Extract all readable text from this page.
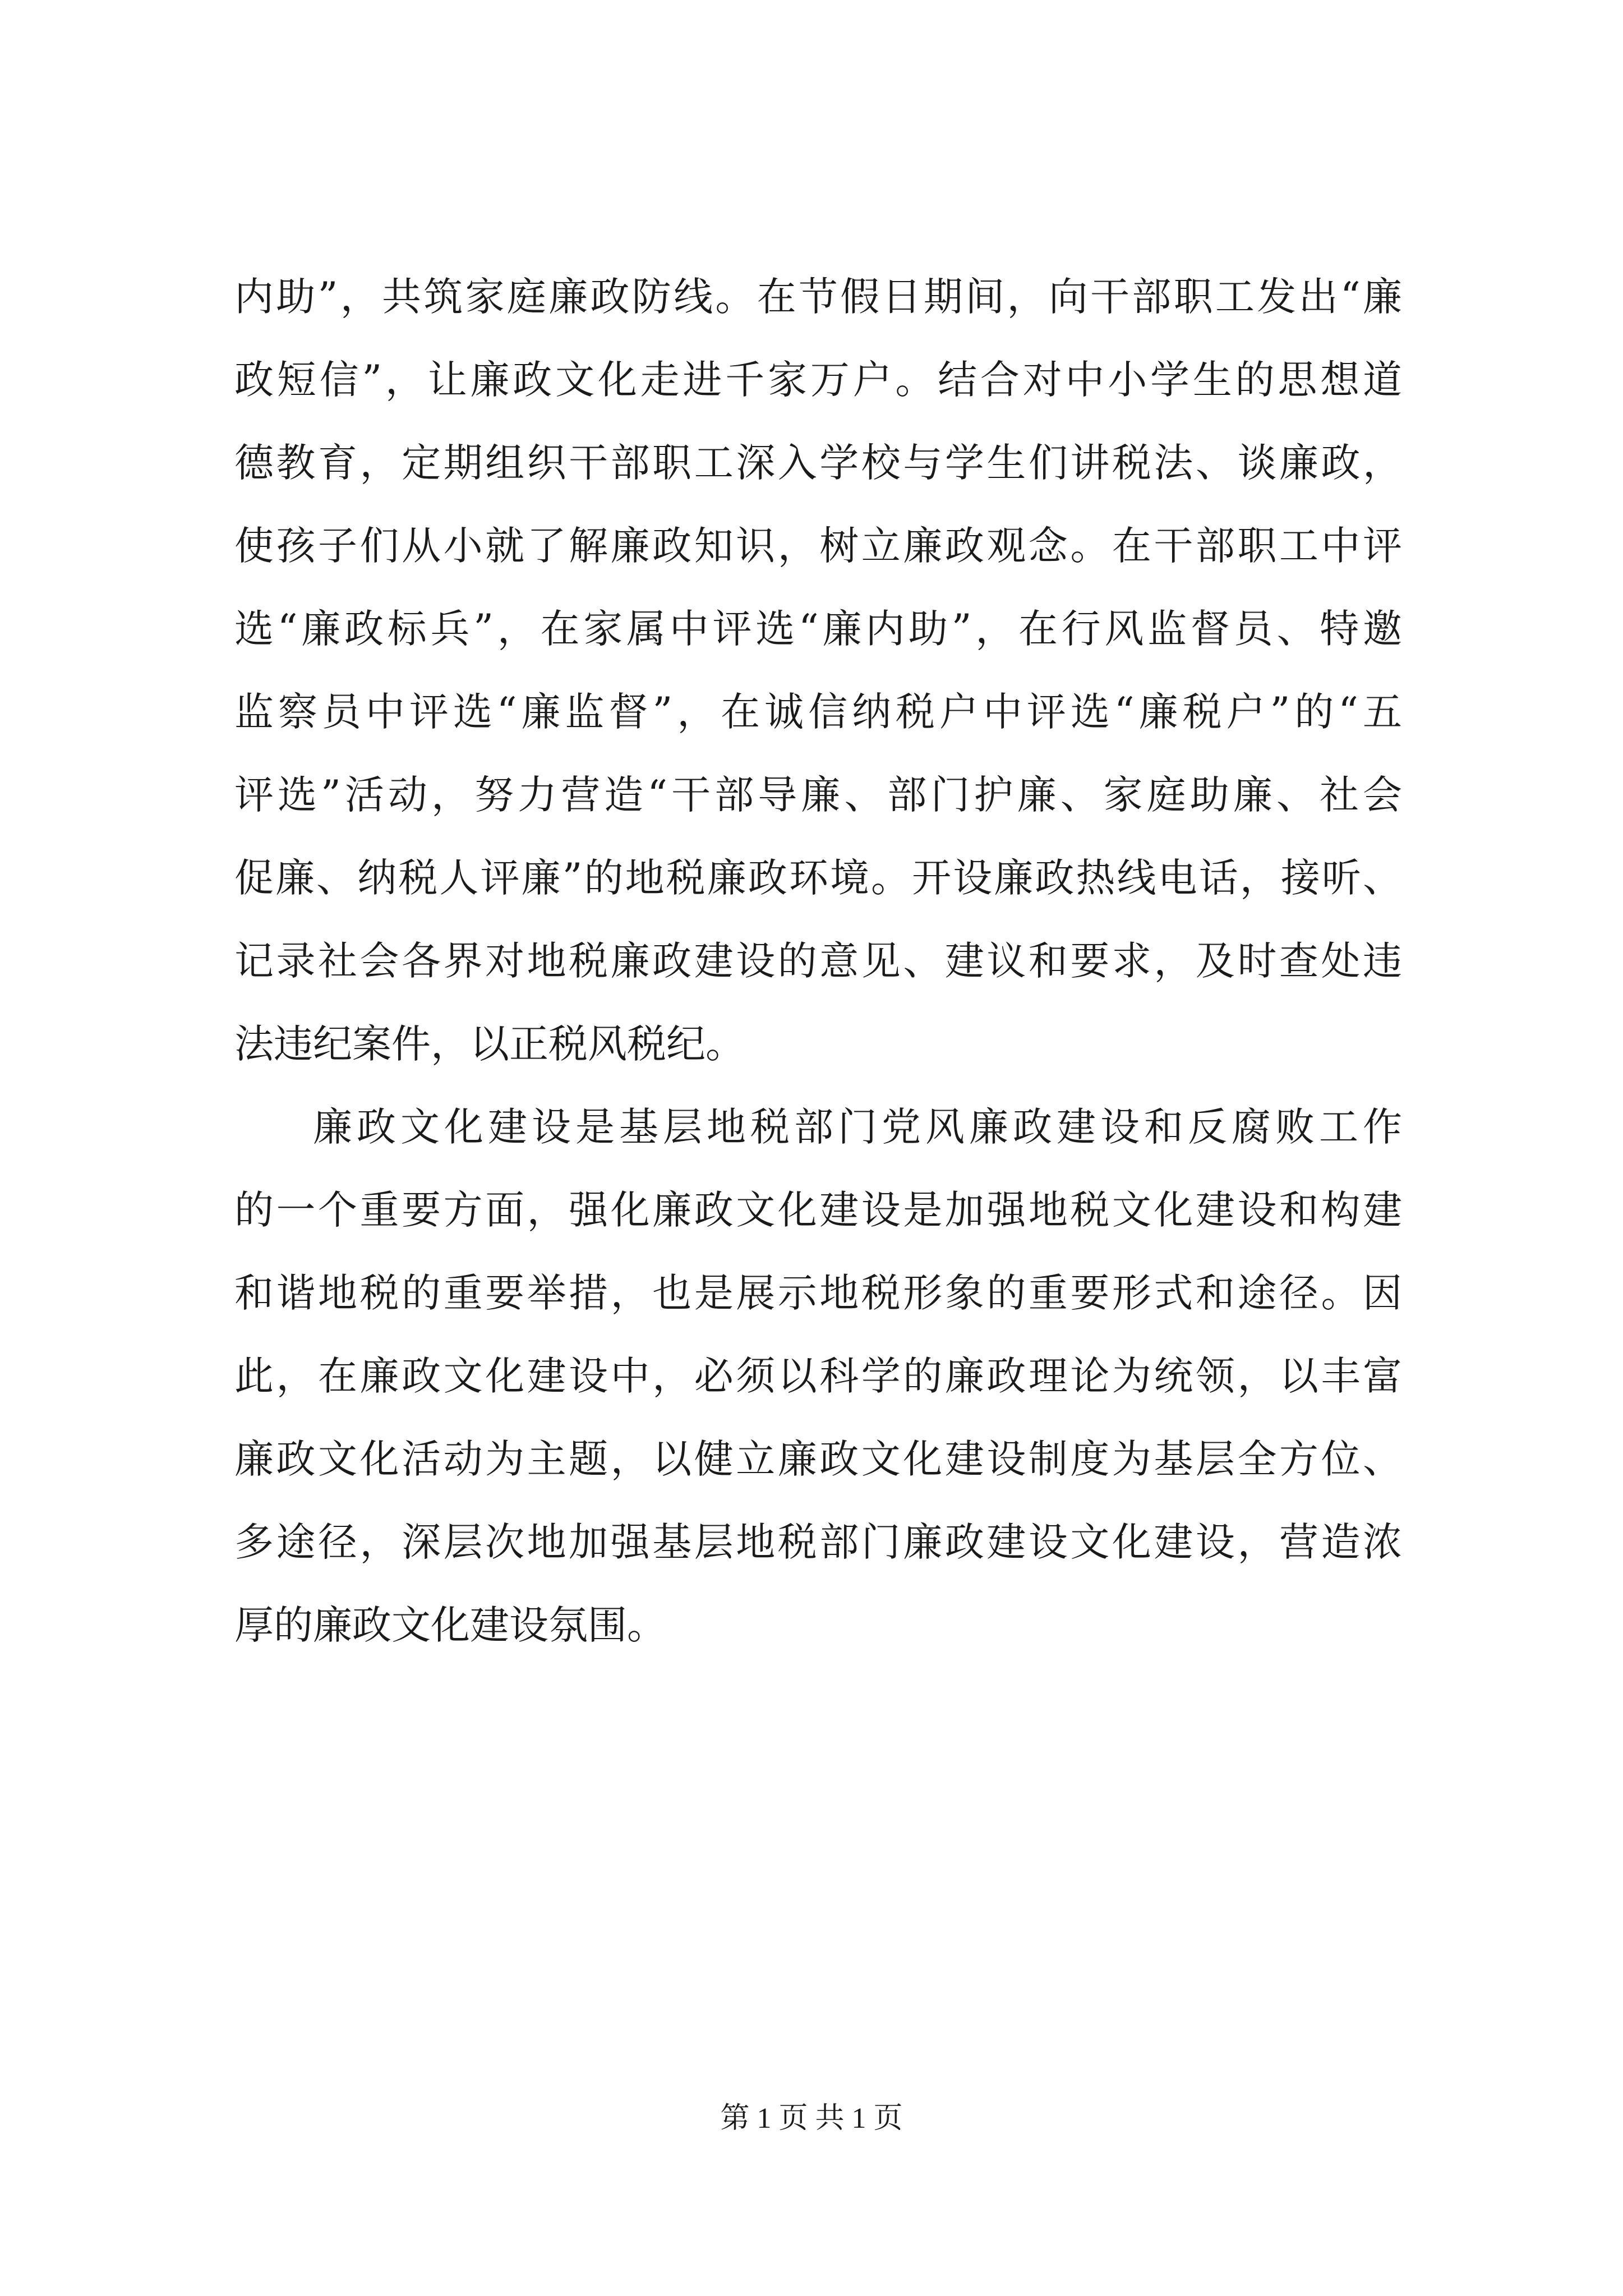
内助”，共筑家庭廉政防线。在节假日期间，向干部职工发出“廉
政短信”，让廉政文化走进千家万户。结合对中小学生的思想道
德教育，定期组织干部职工深入学校与学生们讲税法、谈廉政，
使孩子们从小就了解廉政知识，树立廉政观念。在干部职工中评
选“廉政标兵”，在家属中评选“廉内助”，在行风监督员、特邀
监察员中评选“廉监督”，在诚信纳税户中评选“廉税户”的“五
评选”活动，努力营造“干部导廉、部门护廉、家庭助廉、社会
促廉、纳税人评廉”的地税廉政环境。开设廉政热线电话，接听、
记录社会各界对地税廉政建设的意见、建议和要求，及时查处违
法违纪案件，以正税风税纪。
廉政文化建设是基层地税部门党风廉政建设和反腐败工作
的一个重要方面，强化廉政文化建设是加强地税文化建设和构建
和谐地税的重要举措，也是展示地税形象的重要形式和途径。因
此，在廉政文化建设中，必须以科学的廉政理论为统领，以丰富
廉政文化活动为主题，以健立廉政文化建设制度为基层全方位、
多途径，深层次地加强基层地税部门廉政建设文化建设，营造浓
厚的廉政文化建设氛围。
第 1 页 共 1 页
